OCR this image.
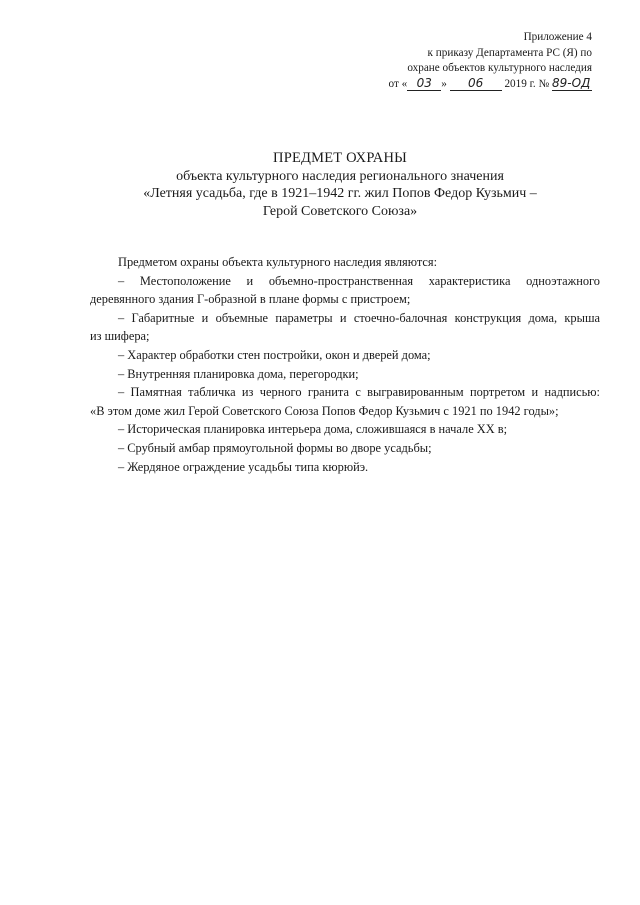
Приложение 4
к приказу Департамента РС (Я) по
охране объектов культурного наследия
от « 03 » 06 2019 г. № 89-ОД
ПРЕДМЕТ ОХРАНЫ
объекта культурного наследия регионального значения
«Летняя усадьба, где в 1921–1942 гг. жил Попов Федор Кузьмич –
Герой Советского Союза»

Предметом охраны объекта культурного наследия являются:

– Местоположение и объемно-пространственная характеристика одноэтажного

деревянного здания Г-образной в плане формы с пристроем;

– Габаритные и объемные параметры и стоечно-балочная конструкция дома, крыша

из шифера;

– Характер обработки стен постройки, окон и дверей дома;

– Внутренняя планировка дома, перегородки;

– Памятная табличка из черного гранита с выгравированным портретом и надписью:

«В этом доме жил Герой Советского Союза Попов Федор Кузьмич с 1921 по 1942 годы»;

– Историческая планировка интерьера дома, сложившаяся в начале XX в;

– Срубный амбар прямоугольной формы во дворе усадьбы;

– Жердяное ограждение усадьбы типа кюрюйэ.
